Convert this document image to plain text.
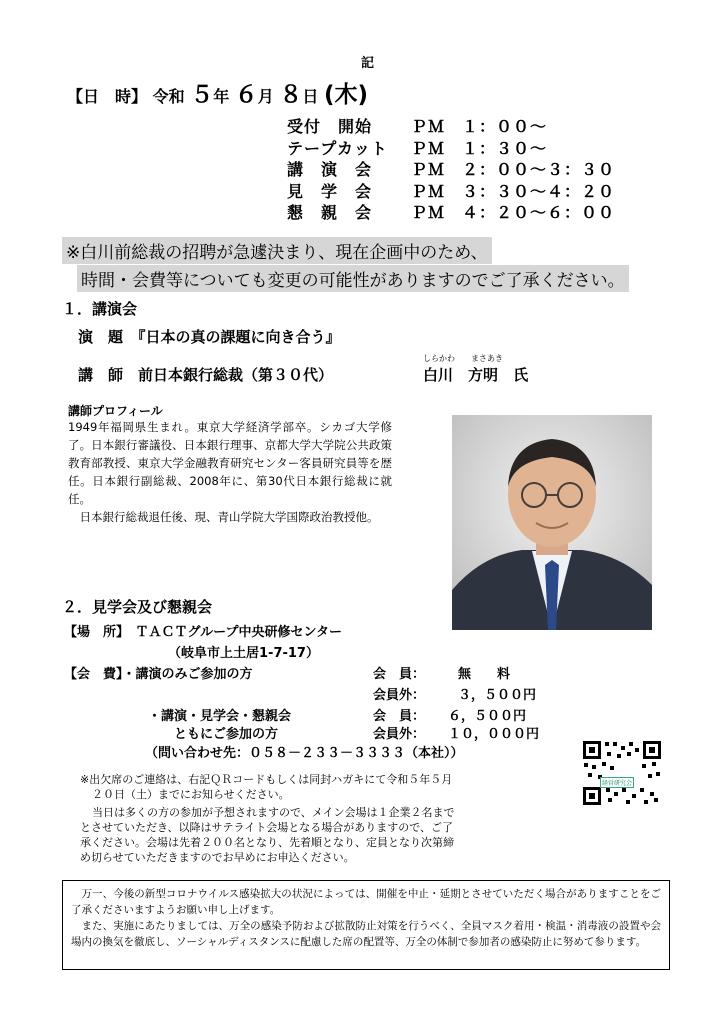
記
【日　時】 令和 ５年 ６月 ８日 (木)
受付　開始	ＰＭ　１：００～
テープカット	ＰＭ　１：３０～
講　演　会	ＰＭ　２：００～３：３０
見　学　会	ＰＭ　３：３０～４：２０
懇　親　会	ＰＭ　４：２０～６：００
※白川前総裁の招聘が急遽決まり、現在企画中のため、
時間・会費等についても変更の可能性がありますのでご了承ください。
１．講演会
演　題　 『日本の真の課題に向き合う』
しらかわ まさあき
講　師　 前日本銀行総裁（第３０代）	白川　 方明　 氏
講師プロフィール

1949年福岡県生まれ。東京大学経済学部卒。シカゴ大学修了。日本銀行審議役、日本銀行理事、京都大学大学院公共政策教育部教授、東京大学金融教育研究センター客員研究員等を歴任。日本銀行副総裁、2008年に、第30代日本銀行総裁に就任。

日本銀行総裁退任後、現、青山学院大学国際政治教授他。

２．見学会及び懇親会
【場　所】　 ＴＡＣＴグループ中央研修センター
（岐阜市上土居1-7-17）
【会　費】・講演のみご参加の方	会　員：	無　　料
会員外：	３，５００円
・講演・見学会・懇親会	会　員： ６，５００円
ともにご参加の方	会員外： １０，０００円
（問い合わせ先：０５８－２３３－３３３３（本社））
※出欠席のご連絡は、右記ＱＲコードもしくは同封ハガキにて令和５年５月
２０日（土）までにお知らせください。
当日は多くの方の参加が予想されますので、メイン会場は１企業２名まで
とさせていただき、以降はサテライト会場となる場合がありますので、ご了
承ください。会場は先着２００名となり、先着順となり、定員となり次第締
め切らせていただきますのでお早めにお申込ください。
経営研究会

万一、今後の新型コロナウイルス感染拡大の状況によっては、開催を中止・延期とさせていただく場合がありますことをご了承くださいますようお願い申し上げます。

また、実施にあたりましては、万全の感染予防および拡散防止対策を行うべく、全員マスク着用・検温・消毒液の設置や会場内の換気を徹底し、ソーシャルディスタンスに配慮した席の配置等、万全の体制で参加者の感染防止に努めて参ります。
